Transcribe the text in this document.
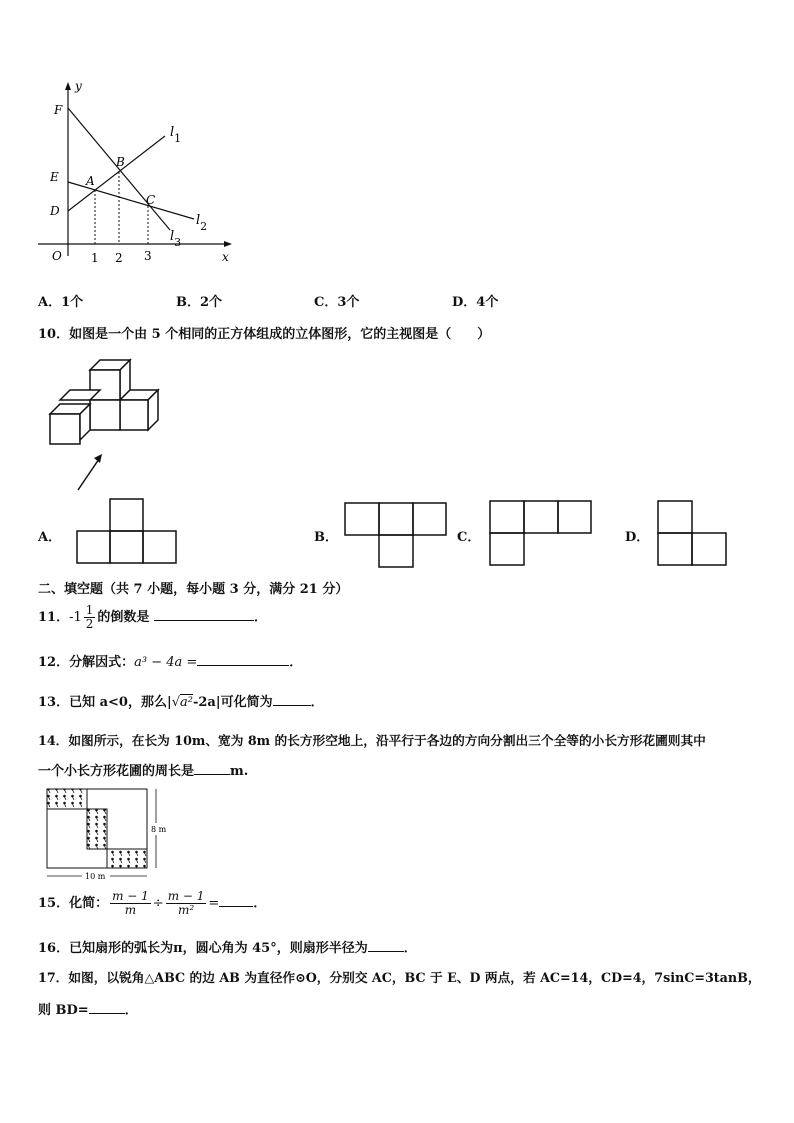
y
x
O
F
E
D
A
B
C
$l_1$
$l_2$
$l_3$
1 2 3
A．1个	B．2个	C．3个	D．4个
10．如图是一个由 5 个相同的正方体组成的立体图形，它的主视图是（　　）
A．	B．	C．	D．
二、填空题（共 7 小题，每小题 3 分，满分 21 分）
11．$-1 \frac{1}{2}$ 的倒数是	．
12．分解因式：a³ − 4a =	．
13．已知 a<0，那么|√a²-2a|可化简为	．
14．如图所示，在长为 10m、宽为 8m 的长方形空地上，沿平行于各边的方向分割出三个全等的小长方形花圃则其中
一个小长方形花圃的周长是	m.
10 m
8 m
15．化简： $\frac{m - 1}{m} \div \frac{m - 1}{\text{m²}}$ =	．
16．已知扇形的弧长为π，圆心角为 45°，则扇形半径为	．
17．如图，以锐角△ABC 的边 AB 为直径作⊙O，分别交 AC，BC 于 E、D 两点，若 AC=14，CD=4，7sinC=3tanB，
则 BD=	．
